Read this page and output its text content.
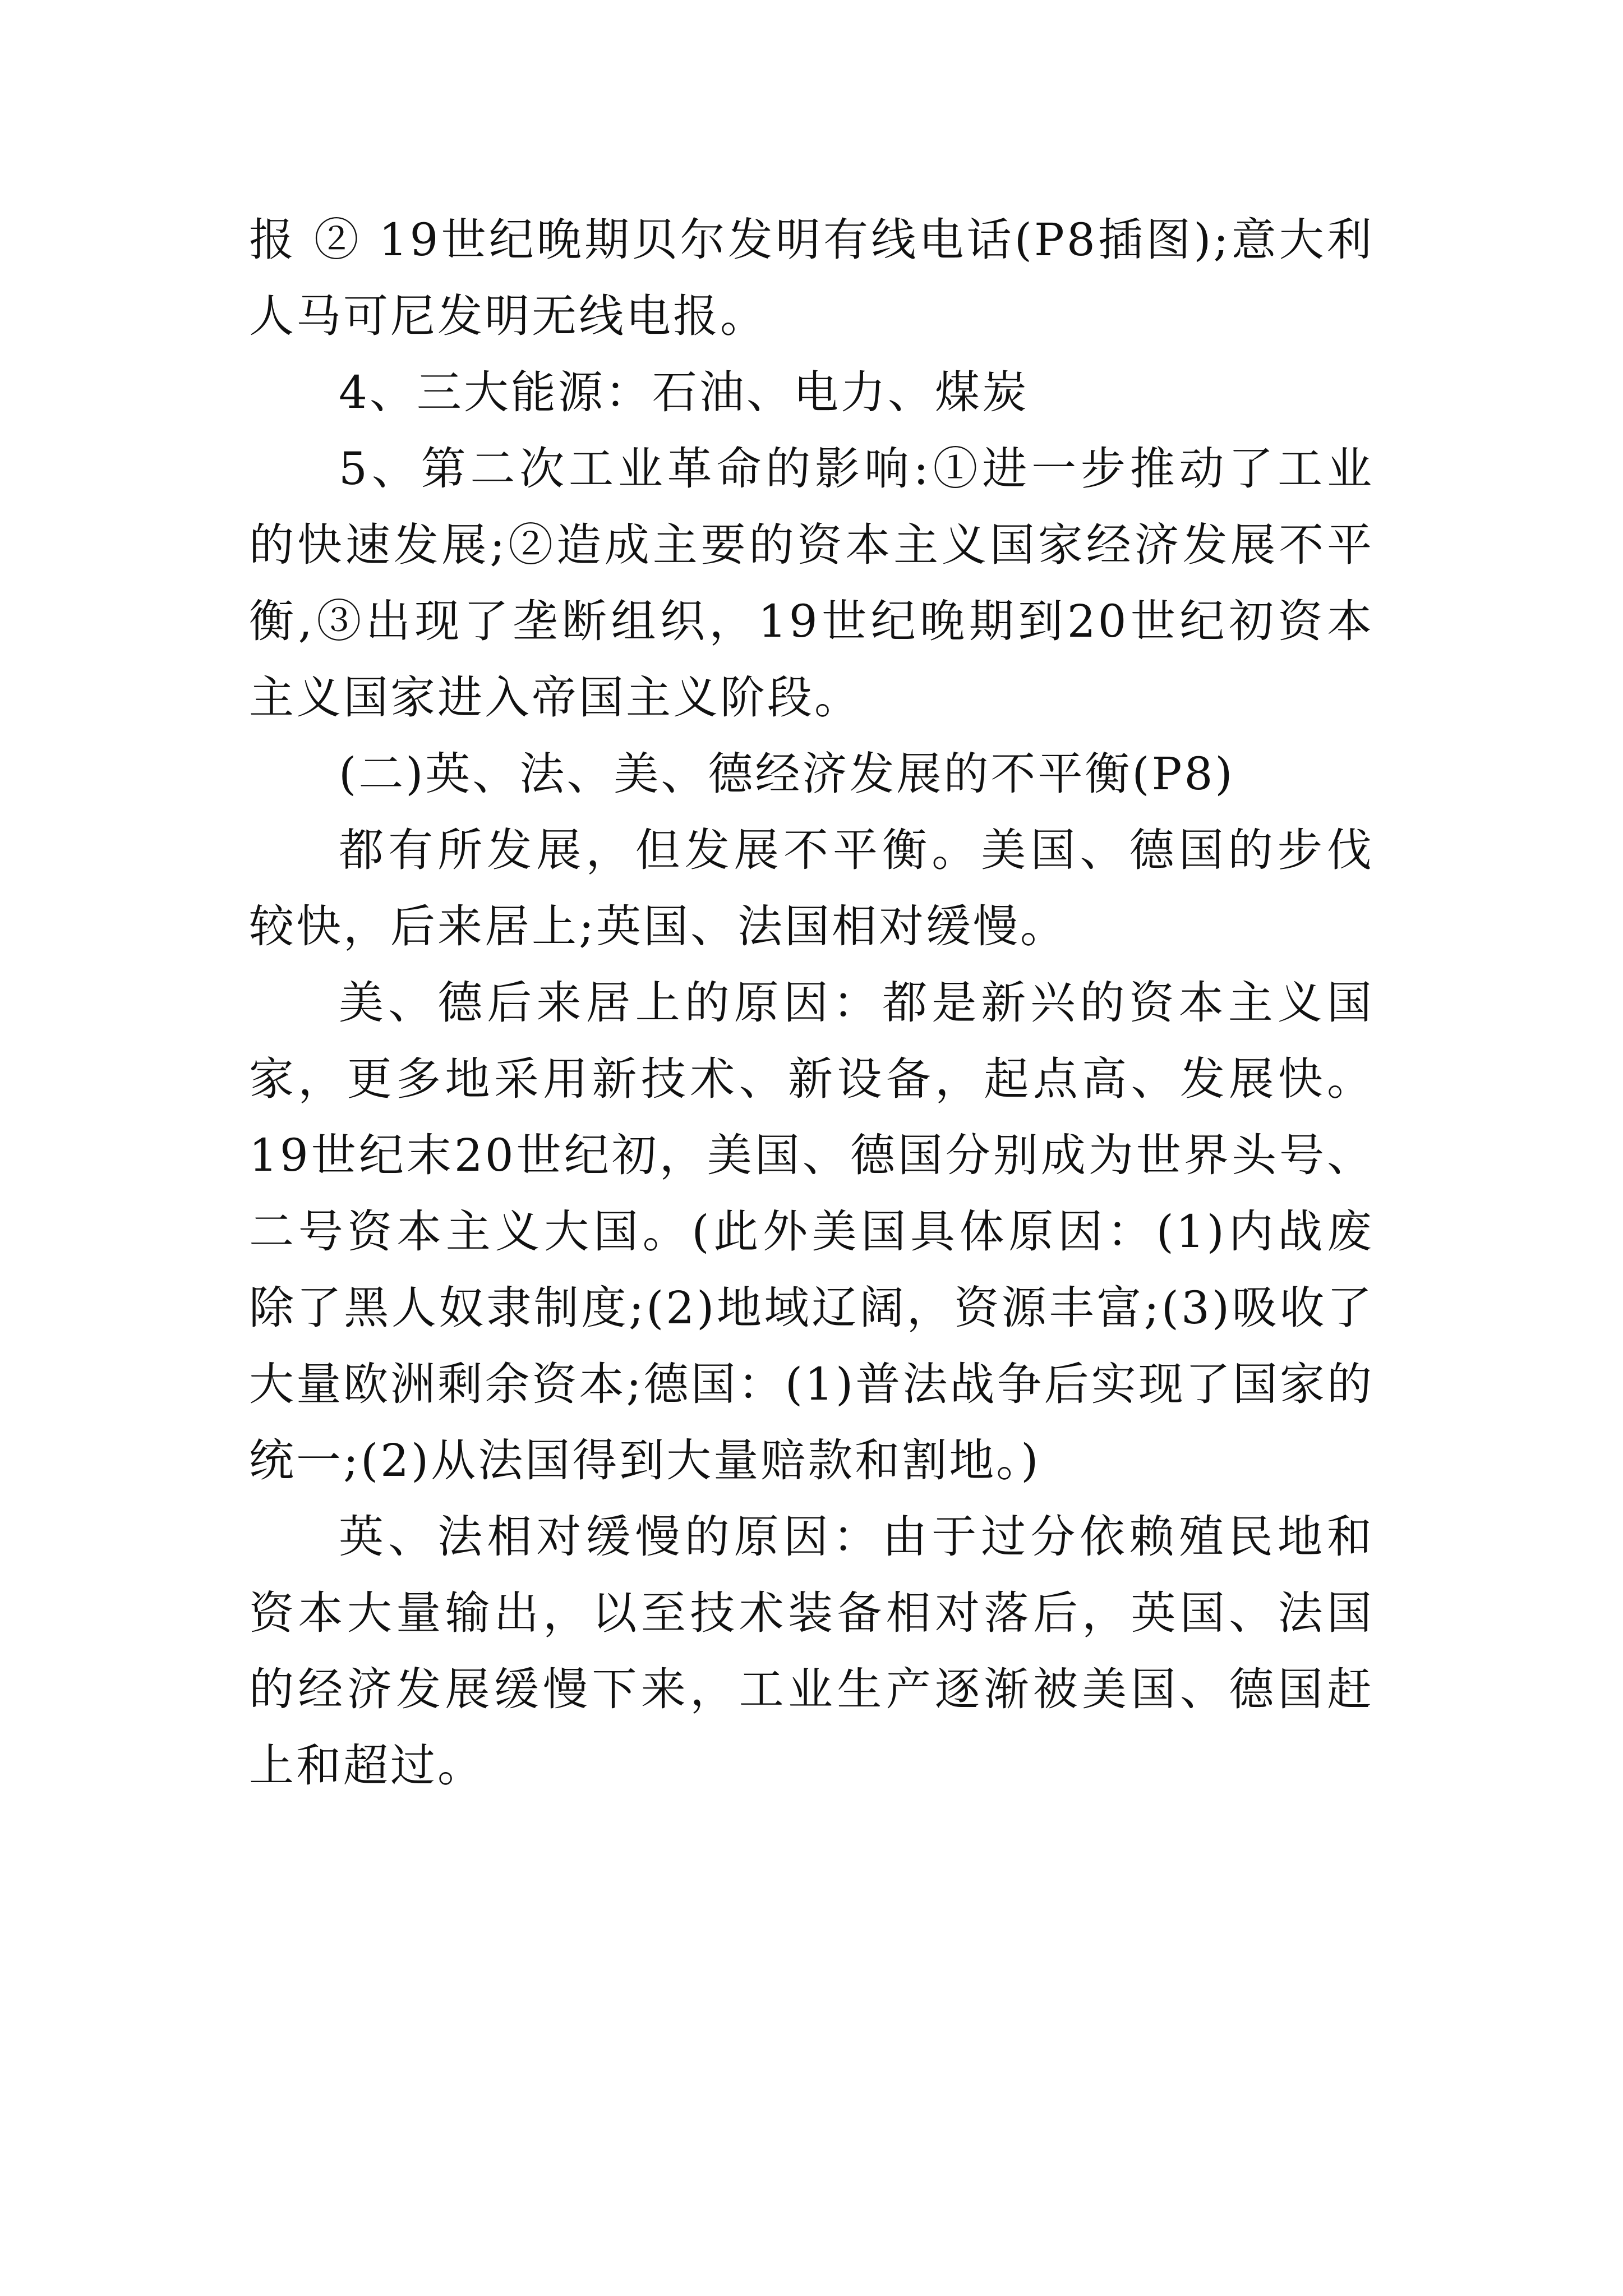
报 ② 19世纪晚期贝尔发明有线电话(P8插图);意大利人马可尼发明无线电报。

4、三大能源：石油、电力、煤炭

5、第二次工业革命的影响:①进一步推动了工业的快速发展;②造成主要的资本主义国家经济发展不平衡,③出现了垄断组织，19世纪晚期到20世纪初资本主义国家进入帝国主义阶段。

(二)英、法、美、德经济发展的不平衡(P8)

都有所发展，但发展不平衡。美国、德国的步伐较快，后来居上;英国、法国相对缓慢。

美、德后来居上的原因：都是新兴的资本主义国家，更多地采用新技术、新设备，起点高、发展快。19世纪末20世纪初，美国、德国分别成为世界头号、二号资本主义大国。(此外美国具体原因：(1)内战废除了黑人奴隶制度;(2)地域辽阔，资源丰富;(3)吸收了大量欧洲剩余资本;德国：(1)普法战争后实现了国家的统一;(2)从法国得到大量赔款和割地。)

英、法相对缓慢的原因：由于过分依赖殖民地和资本大量输出，以至技术装备相对落后，英国、法国的经济发展缓慢下来，工业生产逐渐被美国、德国赶上和超过。
